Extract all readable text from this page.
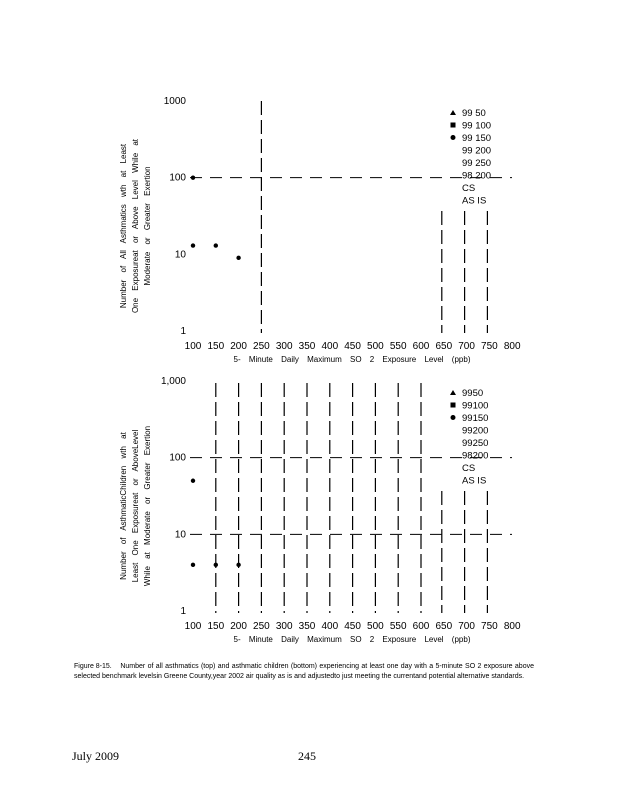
1
10
100
1000
100 150 200 250 300 350 400 450 500 550 600 650 700 750 800
5- Minute Daily Maximum SO 2 Exposure Level (ppb)
Number of All Asthmatics wth at Least One Exposureat or Above Level While at Moderate or Greater Exertion
99 50
99 100
99 150
99 200
99 250
98 200
CS
AS IS
1
10
100
1,000
100 150 200 250 300 350 400 450 500 550 600 650 700 750 800
5- Minute Daily Maximum SO 2 Exposure Level (ppb)
Number of AsthmaticChildren wth at Least One Exposureat or AboveLevel While at Moderate or Greater Exertion
9950
99100
99150
99200
99250
98200
CS
AS IS
Figure 8-15. Number of all asthmatics (top) and asthmatic children (bottom) experiencing at least one day with a 5-minute SO 2 exposure above selected benchmark levelsin Greene County,year 2002 air quality as is and adjustedto just meeting the currentand potential alternative standards.
July 2009	245
